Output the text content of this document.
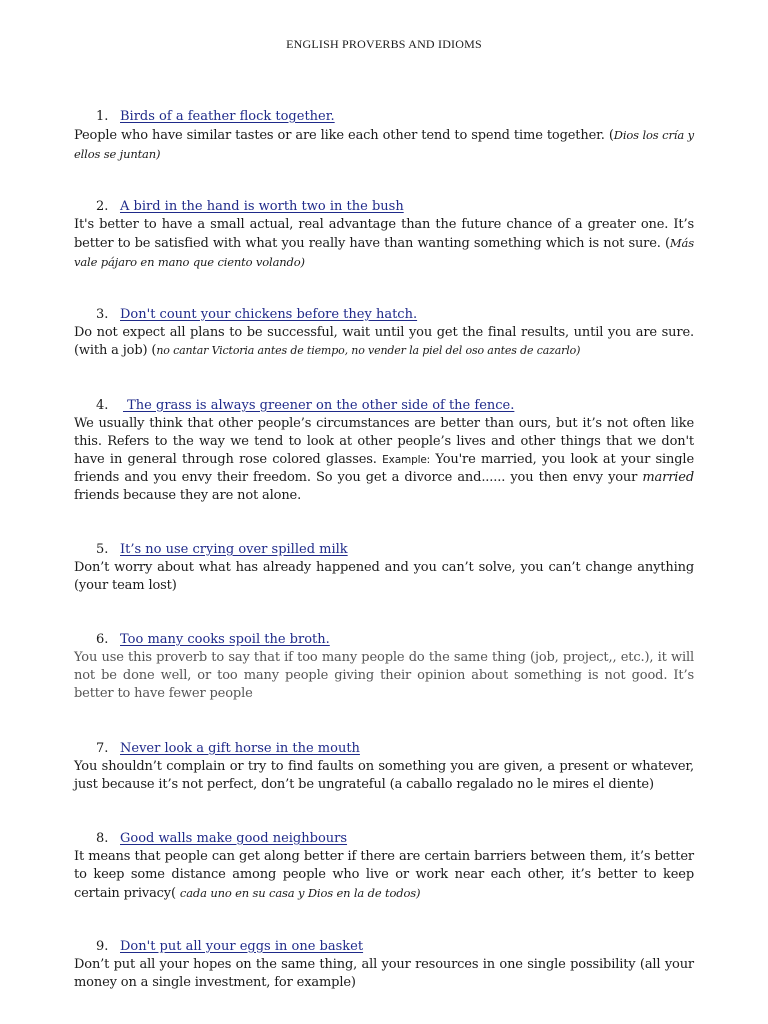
ENGLISH PROVERBS AND IDIOMS
1. Birds of a feather flock together.
People who have similar tastes or are like each other tend to spend time together. (Dios los cría y ellos se juntan)
2. A bird in the hand is worth two in the bush
It's better to have a small actual, real advantage than the future chance of a greater one. It’s better to be satisfied with what you really have than wanting something which is not sure. (Más vale pájaro en mano que ciento volando)
3. Don't count your chickens before they hatch.
Do not expect all plans to be successful, wait until you get the final results, until you are sure. (with a job) (no cantar Victoria antes de tiempo, no vender la piel del oso antes de cazarlo)
4. The grass is always greener on the other side of the fence.
We usually think that other people’s circumstances are better than ours, but it’s not often like this. Refers to the way we tend to look at other people’s lives and other things that we don't have in general through rose colored glasses. Example: You're married, you look at your single friends and you envy their freedom. So you get a divorce and...... you then envy your married friends because they are not alone.
5. It’s no use crying over spilled milk
Don’t worry about what has already happened and you can’t solve, you can’t change anything (your team lost)
6. Too many cooks spoil the broth.
You use this proverb to say that if too many people do the same thing (job, project,, etc.), it will not be done well, or too many people giving their opinion about something is not good. It’s better to have fewer people
7. Never look a gift horse in the mouth
You shouldn’t complain or try to find faults on something you are given, a present or whatever, just because it’s not perfect, don’t be ungrateful (a caballo regalado no le mires el diente)
8. Good walls make good neighbours
It means that people can get along better if there are certain barriers between them, it’s better to keep some distance among people who live or work near each other, it’s better to keep certain privacy( cada uno en su casa y Dios en la de todos)
9. Don't put all your eggs in one basket
Don’t put all your hopes on the same thing, all your resources in one single possibility (all your money on a single investment, for example)
